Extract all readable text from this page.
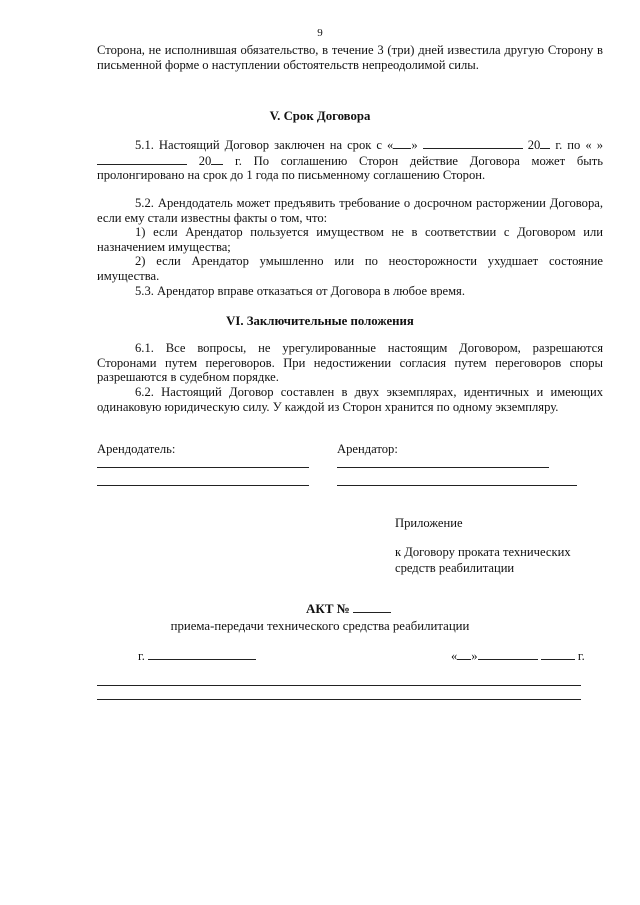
9

Сторона, не исполнившая обязательство, в течение 3 (три) дней известила другую Сторону в письменной форме о наступлении обстоятельств непреодолимой силы.

V. Срок Договора

5.1. Настоящий Договор заключен на срок с « »	20 г. по « »  20 г. По соглашению Сторон действие Договора может быть пролонгировано на срок до 1 года по письменному соглашению Сторон.

5.2. Арендодатель может предъявить требование о досрочном расторжении Договора, если ему стали известны факты о том, что:

1) если Арендатор пользуется имуществом не в соответствии с Договором или назначением имущества;

2) если Арендатор умышленно или по неосторожности ухудшает состояние имущества.

5.3. Арендатор вправе отказаться от Договора в любое время.

VI. Заключительные положения

6.1. Все вопросы, не урегулированные настоящим Договором, разрешаются Сторонами путем переговоров. При недостижении согласия путем переговоров споры разрешаются в судебном порядке.

6.2. Настоящий Договор составлен в двух экземплярах, идентичных и имеющих одинаковую юридическую силу. У каждой из Сторон хранится по одному экземпляру.

Арендодатель:	Арендатор:
Приложение
к Договору проката технических
средств реабилитации
АКТ №
приема-передачи технического средства реабилитации
г.	« »	г.
